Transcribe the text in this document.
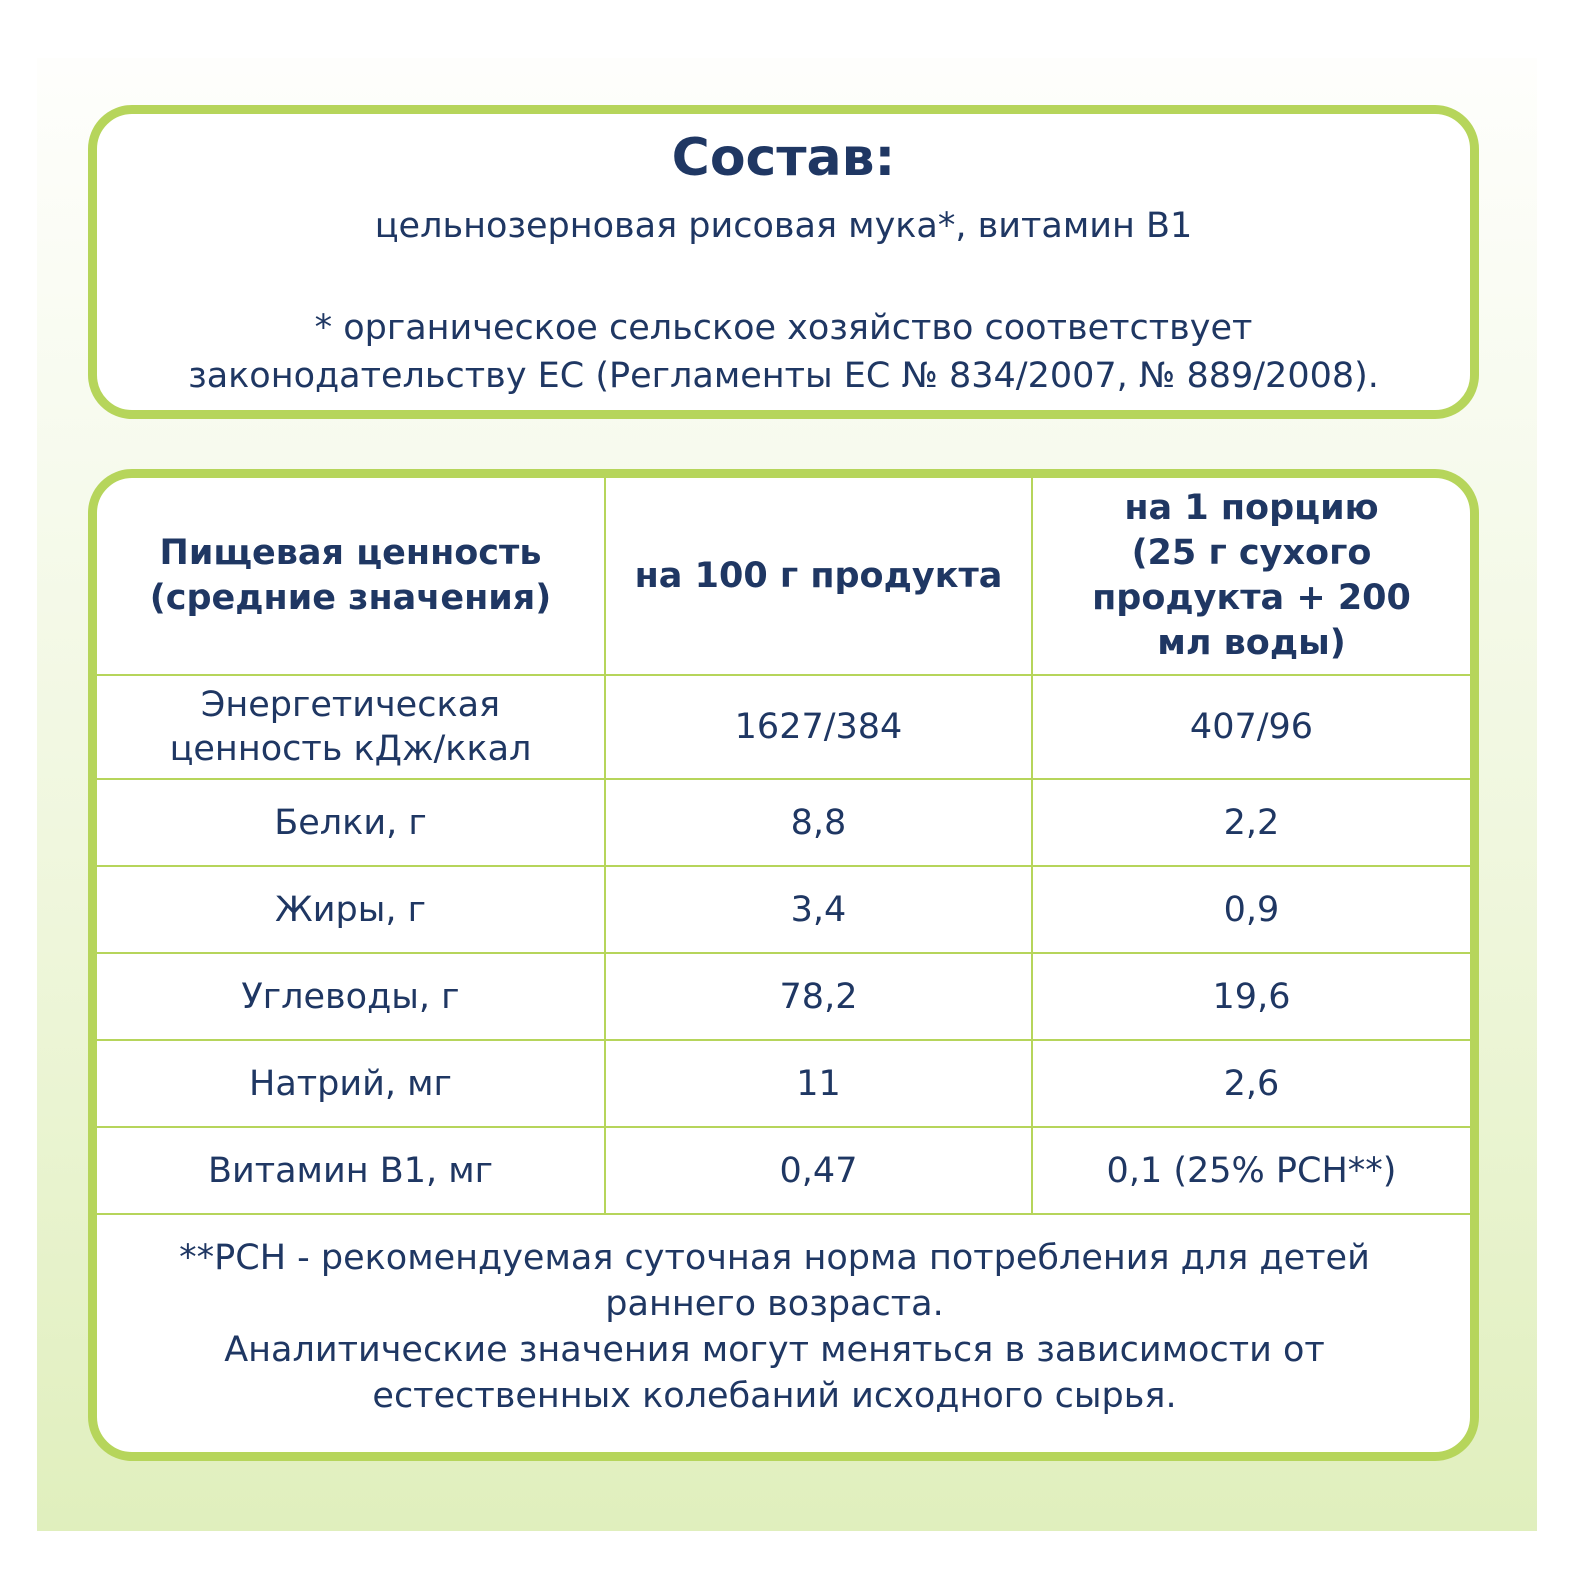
Состав:
цельнозерновая рисовая мука*, витамин В1
* органическое сельское хозяйство соответствует
законодательству ЕС (Регламенты ЕС № 834/2007, № 889/2008).
Пищевая ценность (средние значения)	на 100 г продукта	на 1 порцию (25 г сухого продукта + 200 мл воды)
Энергетическая ценность кДж/ккал	1627/384	407/96
Белки, г	8,8	2,2
Жиры, г	3,4	0,9
Углеводы, г	78,2	19,6
Натрий, мг	11	2,6
Витамин В1, мг	0,47	0,1 (25% РСН**)
**РСН - рекомендуемая суточная норма потребления для детей
раннего возраста.
Аналитические значения могут меняться в зависимости от
естественных колебаний исходного сырья.
